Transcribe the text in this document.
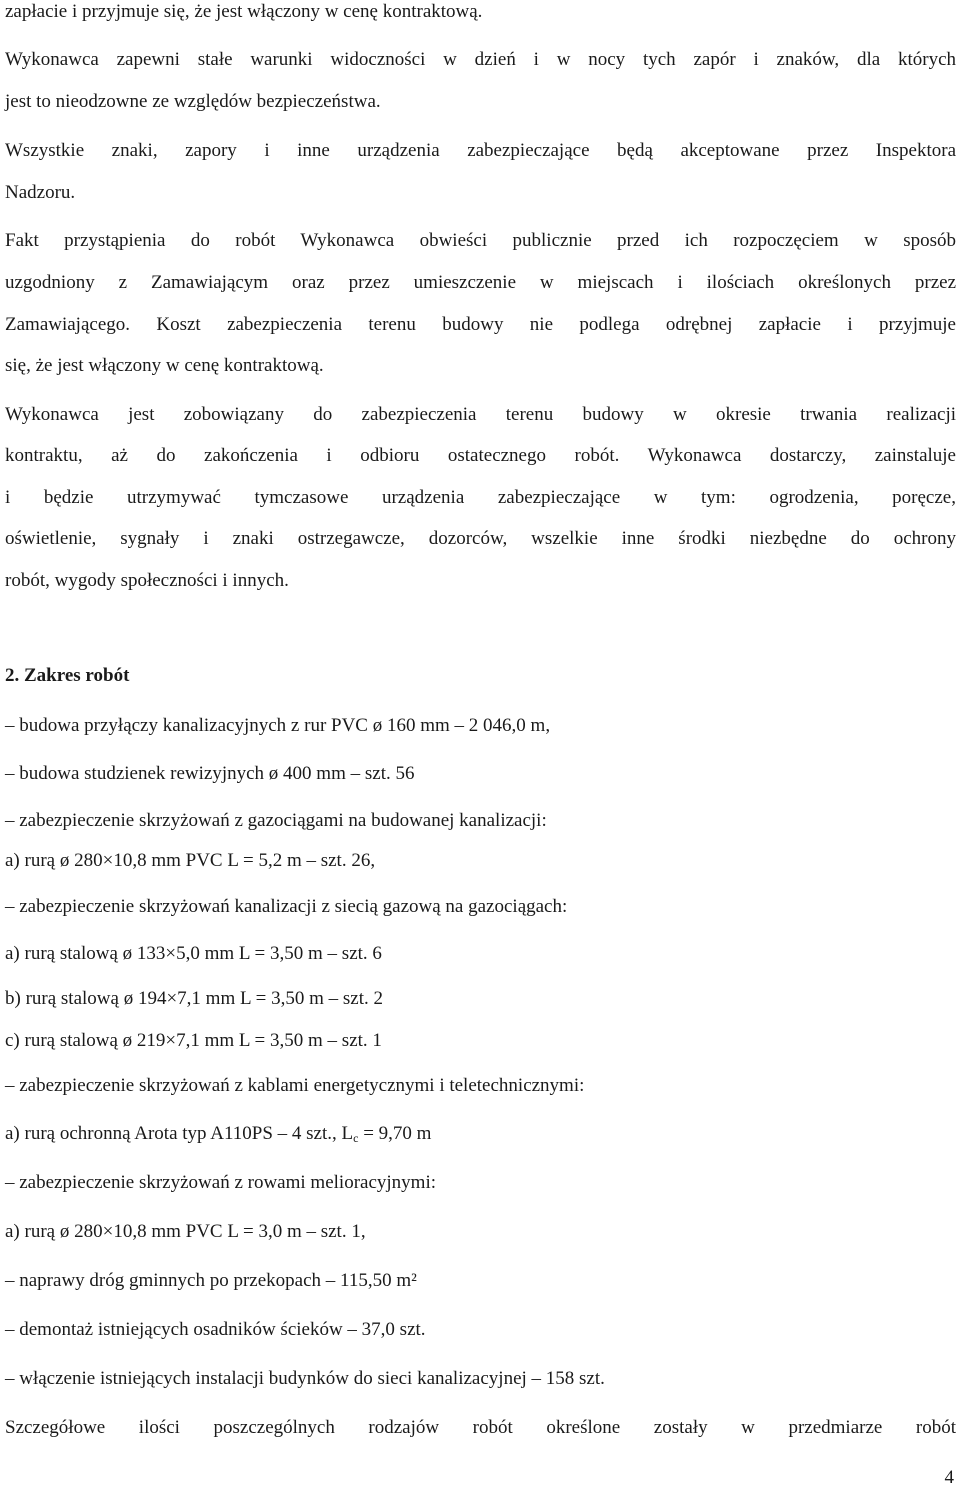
zapłacie i przyjmuje się, że jest włączony w cenę kontraktową.
Wykonawca zapewni stałe warunki widoczności w dzień i w nocy tych zapór i znaków, dla których
jest to nieodzowne ze względów bezpieczeństwa.
Wszystkie znaki, zapory i inne urządzenia zabezpieczające będą akceptowane przez Inspektora
Nadzoru.
Fakt przystąpienia do robót Wykonawca obwieści publicznie przed ich rozpoczęciem w sposób
uzgodniony z Zamawiającym oraz przez umieszczenie w miejscach i ilościach określonych przez
Zamawiającego. Koszt zabezpieczenia terenu budowy nie podlega odrębnej zapłacie i przyjmuje
się, że jest włączony w cenę kontraktową.
Wykonawca jest zobowiązany do zabezpieczenia terenu budowy w okresie trwania realizacji
kontraktu, aż do zakończenia i odbioru ostatecznego robót. Wykonawca dostarczy, zainstaluje
i będzie utrzymywać tymczasowe urządzenia zabezpieczające w tym: ogrodzenia, poręcze,
oświetlenie, sygnały i znaki ostrzegawcze, dozorców, wszelkie inne środki niezbędne do ochrony
robót, wygody społeczności i innych.
2. Zakres robót
– budowa przyłączy kanalizacyjnych z rur PVC ø 160 mm – 2 046,0 m,
– budowa studzienek rewizyjnych ø 400 mm – szt. 56
– zabezpieczenie skrzyżowań z gazociągami na budowanej kanalizacji:
a) rurą ø 280×10,8 mm PVC L = 5,2 m – szt. 26,
– zabezpieczenie skrzyżowań kanalizacji z siecią gazową na gazociągach:
a) rurą stalową ø 133×5,0 mm L = 3,50 m – szt. 6
b) rurą stalową ø 194×7,1 mm L = 3,50 m – szt. 2
c) rurą stalową ø 219×7,1 mm L = 3,50 m – szt. 1
– zabezpieczenie skrzyżowań z kablami energetycznymi i teletechnicznymi:
a) rurą ochronną Arota typ A110PS – 4 szt., $L_c = 9,70$ m
– zabezpieczenie skrzyżowań z rowami melioracyjnymi:
a) rurą ø 280×10,8 mm PVC L = 3,0 m – szt. 1,
– naprawy dróg gminnych po przekopach – 115,50 m²
– demontaż istniejących osadników ścieków – 37,0 szt.
– włączenie istniejących instalacji budynków do sieci kanalizacyjnej – 158 szt.
Szczegółowe ilości poszczególnych rodzajów robót określone zostały w przedmiarze robót
4
